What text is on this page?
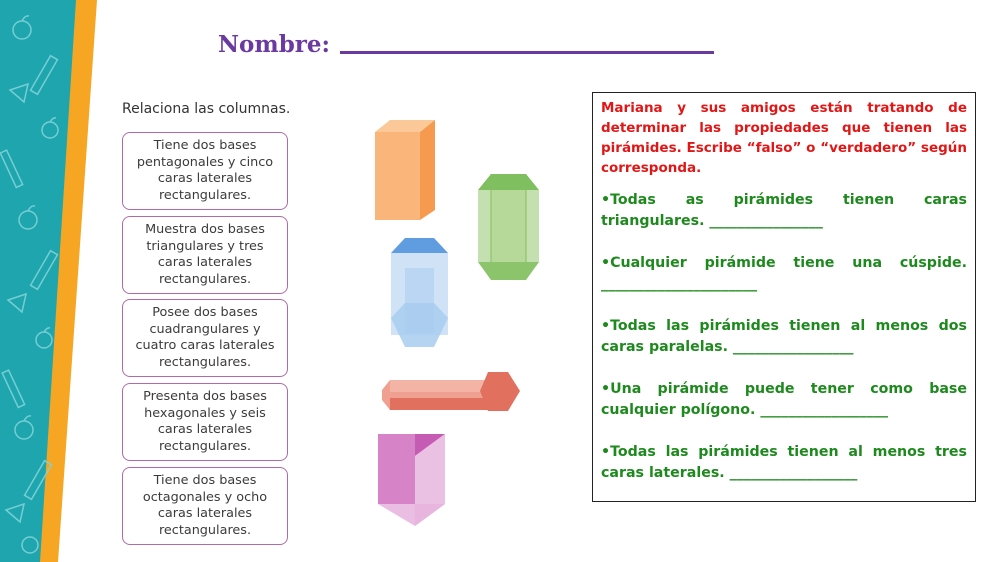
Nombre:
Relaciona las columnas.
Tiene dos bases pentagonales y cinco caras laterales rectangulares.
Muestra dos bases triangulares y tres caras laterales rectangulares.
Posee dos bases cuadrangulares y cuatro caras laterales rectangulares.
Presenta dos bases hexagonales y seis caras laterales rectangulares.
Tiene dos bases octagonales y ocho caras laterales rectangulares.

Mariana y sus amigos están tratando de determinar las propiedades que tienen las pirámides. Escribe “falso” o “verdadero” según corresponda.

•Todas as pirámides tienen caras triangulares. ________________

•Cualquier pirámide tiene una cúspide. ______________________

•Todas las pirámides tienen al menos dos caras paralelas. _________________

•Una pirámide puede tener como base cualquier polígono. __________________

•Todas las pirámides tienen al menos tres caras laterales. __________________
